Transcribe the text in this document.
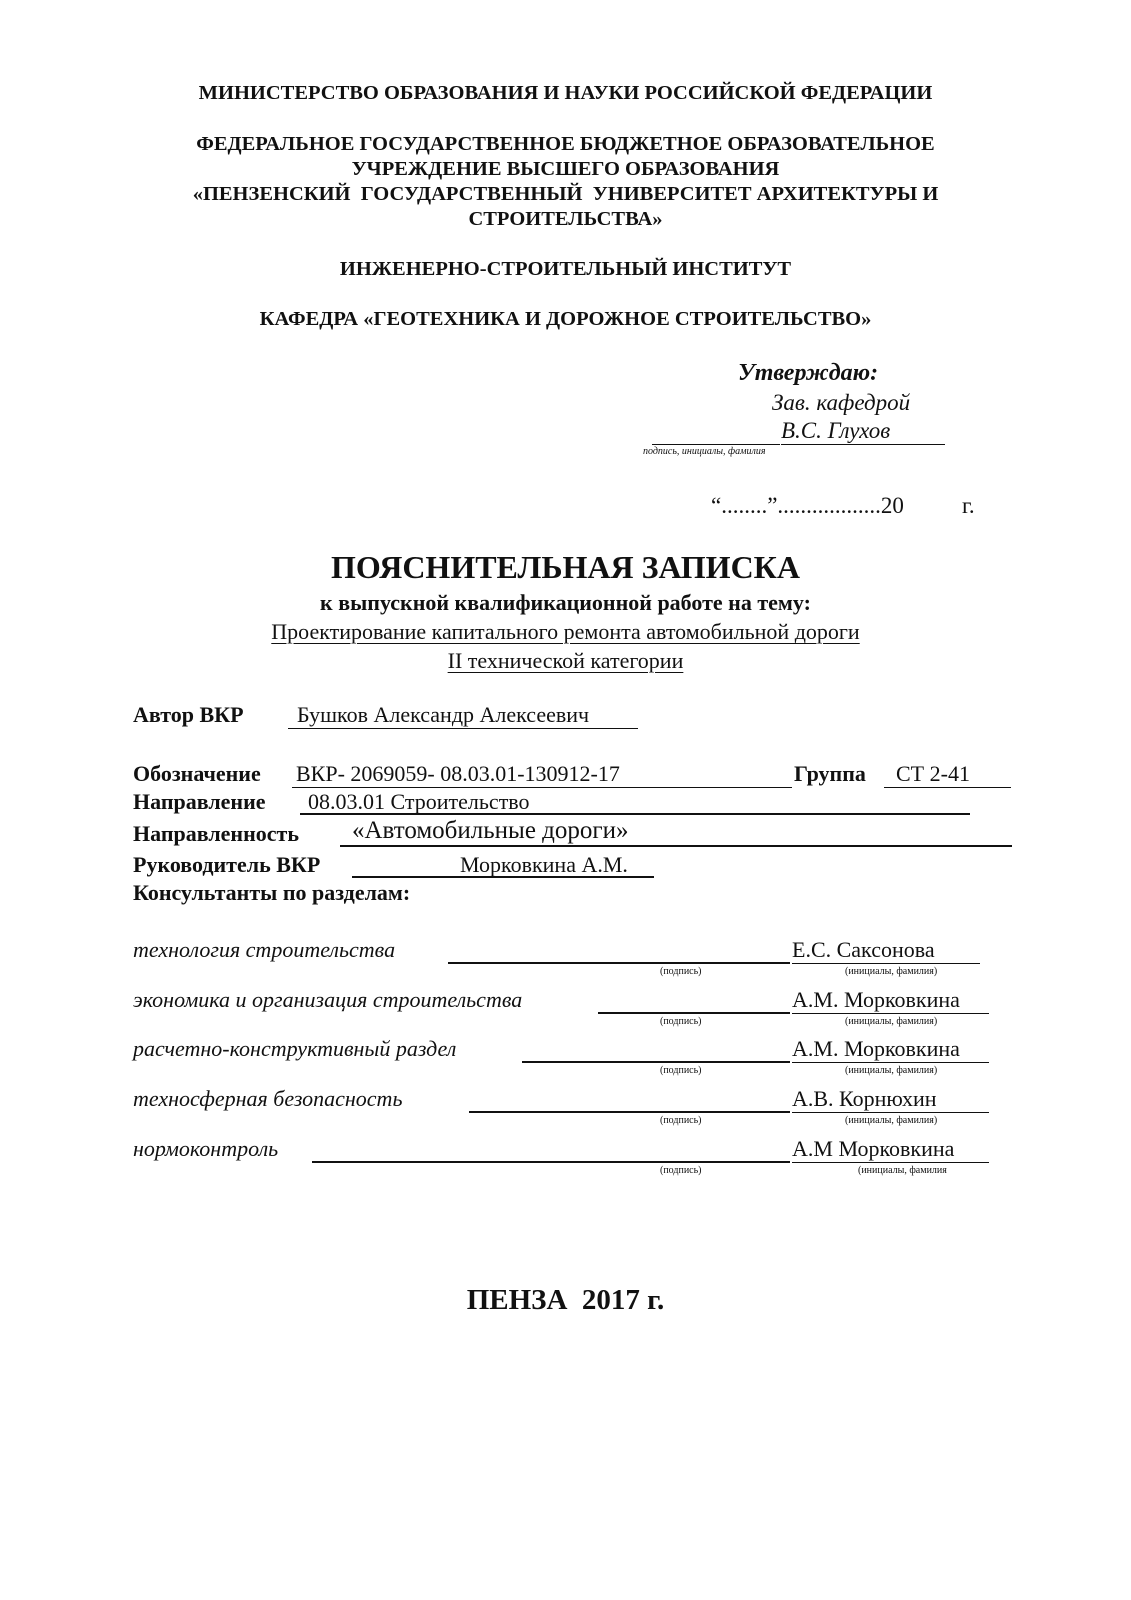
МИНИСТЕРСТВО ОБРАЗОВАНИЯ И НАУКИ РОССИЙСКОЙ ФЕДЕРАЦИИ
ФЕДЕРАЛЬНОЕ ГОСУДАРСТВЕННОЕ БЮДЖЕТНОЕ ОБРАЗОВАТЕЛЬНОЕ
УЧРЕЖДЕНИЕ ВЫСШЕГО ОБРАЗОВАНИЯ
«ПЕНЗЕНСКИЙ  ГОСУДАРСТВЕННЫЙ  УНИВЕРСИТЕТ АРХИТЕКТУРЫ И
СТРОИТЕЛЬСТВА»
ИНЖЕНЕРНО-СТРОИТЕЛЬНЫЙ ИНСТИТУТ
КАФЕДРА «ГЕОТЕХНИКА И ДОРОЖНОЕ СТРОИТЕЛЬСТВО»
Утверждаю:
Зав. кафедрой
В.С. Глухов
подпись, инициалы, фамилия
“........”..................20	г.
ПОЯСНИТЕЛЬНАЯ ЗАПИСКА
к выпускной квалификационной работе на тему:
Проектирование капитального ремонта автомобильной дороги
II технической категории
Автор ВКР Бушков Александр Алексеевич
Обозначение ВКР- 2069059- 08.03.01-130912-17	Группа СТ 2-41
Направление 08.03.01 Строительство
Направленность «Автомобильные дороги»
Руководитель ВКР	Морковкина А.М.
Консультанты по разделам:
технология строительства	Е.С. Саксонова
(подпись)	(инициалы, фамилия)
экономика и организация строительства	А.М. Морковкина
(подпись)	(инициалы, фамилия)
расчетно-конструктивный раздел	А.М. Морковкина
(подпись)	(инициалы, фамилия)
техносферная безопасность	А.В. Корнюхин
(подпись)	(инициалы, фамилия)
нормоконтроль	А.М Морковкина
(подпись)	(инициалы, фамилия
ПЕНЗА  2017 г.
